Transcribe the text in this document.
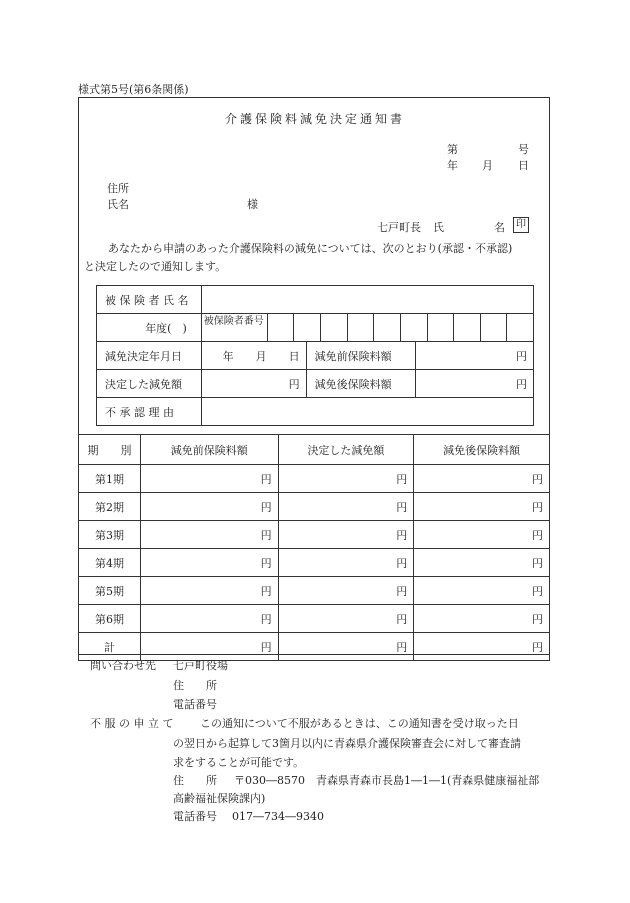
様式第5号(第6条関係)
介護保険料減免決定通知書
第	号
年 月 日
住所
氏名	様
七戸町長 氏	名	印
あなたから申請のあった介護保険料の減免については、次のとおり(承認・不承認)
と決定したので通知します。
被 保 険 者 氏 名			
年度(　)	被保険者番号		

減免決定年月日	年　　月　　日	減免前保険料額	円
決定した減免額	円	減免後保険料額	円
不 承 認 理 由			
期　　別	減免前保険料額	決定した減免額	減免後保険料額
第1期	円	円	円
第2期	円	円	円
第3期	円	円	円
第4期	円	円	円
第5期	円	円	円
第6期	円	円	円
計	円	円	円
問い合わせ先 七戸町役場
住　　所
電話番号
不 服 の 申 立 て この通知について不服があるときは、この通知書を受け取った日
の翌日から起算して3箇月以内に青森県介護保険審査会に対して審査請
求をすることが可能です。
住　　所 〒030―8570　青森県青森市長島1―1―1(青森県健康福祉部
高齢福祉保険課内)
電話番号 017―734―9340
